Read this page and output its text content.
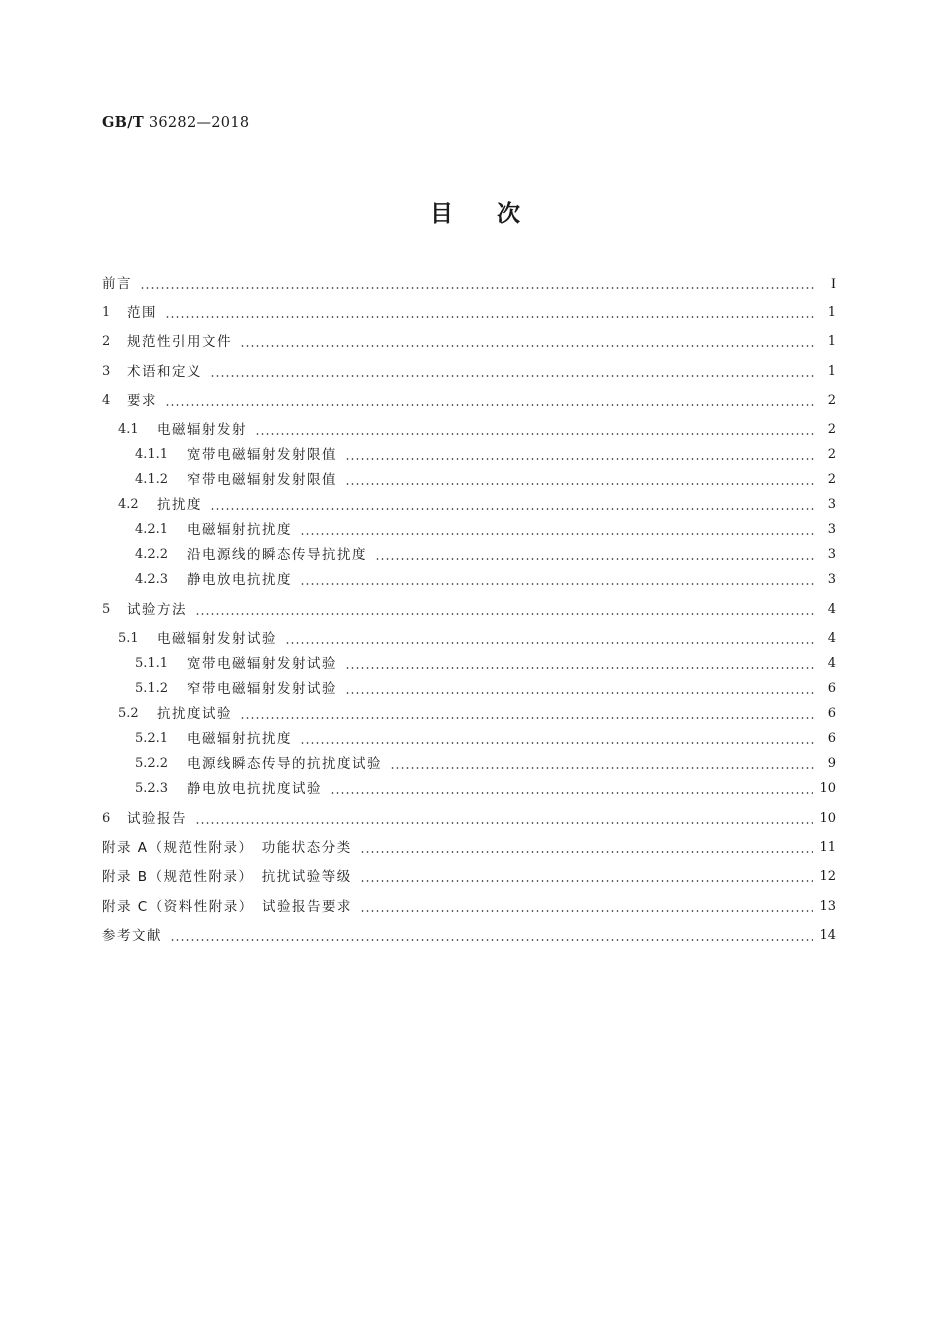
GB/T 36282—2018
目次
前言	I
1	范围	1
2	规范性引用文件	1
3	术语和定义	1
4	要求	2
4.1	电磁辐射发射	2
4.1.1	宽带电磁辐射发射限值	2
4.1.2	窄带电磁辐射发射限值	2
4.2	抗扰度	3
4.2.1	电磁辐射抗扰度	3
4.2.2	沿电源线的瞬态传导抗扰度	3
4.2.3	静电放电抗扰度	3
5	试验方法	4
5.1	电磁辐射发射试验	4
5.1.1	宽带电磁辐射发射试验	4
5.1.2	窄带电磁辐射发射试验	6
5.2	抗扰度试验	6
5.2.1	电磁辐射抗扰度	6
5.2.2	电源线瞬态传导的抗扰度试验	9
5.2.3	静电放电抗扰度试验	10
6	试验报告	10
附录 A（规范性附录）　功能状态分类	11
附录 B（规范性附录）　抗扰试验等级	12
附录 C（资料性附录）　试验报告要求	13
参考文献	14
